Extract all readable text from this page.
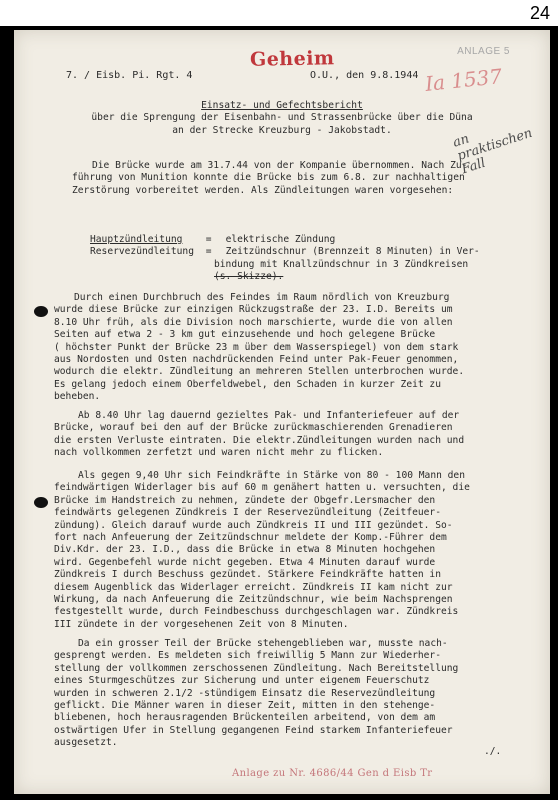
24
Geheim	ANLAGE 5
Ia 1537
an praktischen Fall
7. / Eisb. Pi. Rgt. 4	O.U., den 9.8.1944
Einsatz- und Gefechtsbericht
über die Sprengung der Eisenbahn- und Strassenbrücke über die Düna
an der Strecke Kreuzburg - Jakobstadt.
Die Brücke wurde am 31.7.44 von der Kompanie übernommen. Nach Zu-
führung von Munition konnte die Brücke bis zum 6.8. zur nachhaltigen
Zerstörung vorbereitet werden. Als Zündleitungen waren vorgesehen:
Hauptzündleitung = elektrische Zündung
Reservezündleitung = Zeitzündschnur (Brennzeit 8 Minuten) in Ver-
bindung mit Knallzündschnur in 3 Zündkreisen
(s. Skizze).
Durch einen Durchbruch des Feindes im Raum nördlich von Kreuzburg
wurde diese Brücke zur einzigen Rückzugstraße der 23. I.D. Bereits um
8.10 Uhr früh, als die Division noch marschierte, wurde die von allen
Seiten auf etwa 2 - 3 km gut einzusehende und hoch gelegene Brücke
( höchster Punkt der Brücke 23 m über dem Wasserspiegel) von dem stark
aus Nordosten und Osten nachdrückenden Feind unter Pak-Feuer genommen,
wodurch die elektr. Zündleitung an mehreren Stellen unterbrochen wurde.
Es gelang jedoch einem Oberfeldwebel, den Schaden in kurzer Zeit zu
beheben.
Ab 8.40 Uhr lag dauernd gezieltes Pak- und Infanteriefeuer auf der
Brücke, worauf bei den auf der Brücke zurückmaschierenden Grenadieren
die ersten Verluste eintraten. Die elektr.Zündleitungen wurden nach und
nach vollkommen zerfetzt und waren nicht mehr zu flicken.
Als gegen 9,40 Uhr sich Feindkräfte in Stärke von 80 - 100 Mann den
feindwärtigen Widerlager bis auf 60 m genähert hatten u. versuchten, die
Brücke im Handstreich zu nehmen, zündete der Obgefr.Lersmacher den
feindwärts gelegenen Zündkreis I der Reservezündleitung (Zeitfeuer-
zündung). Gleich darauf wurde auch Zündkreis II und III gezündet. So-
fort nach Anfeuerung der Zeitzündschnur meldete der Komp.-Führer dem
Div.Kdr. der 23. I.D., dass die Brücke in etwa 8 Minuten hochgehen
wird. Gegenbefehl wurde nicht gegeben. Etwa 4 Minuten darauf wurde
Zündkreis I durch Beschuss gezündet. Stärkere Feindkräfte hatten in
diesem Augenblick das Widerlager erreicht. Zündkreis II kam nicht zur
Wirkung, da nach Anfeuerung die Zeitzündschnur, wie beim Nachsprengen
festgestellt wurde, durch Feindbeschuss durchgeschlagen war. Zündkreis
III zündete in der vorgesehenen Zeit von 8 Minuten.
Da ein grosser Teil der Brücke stehengeblieben war, musste nach-
gesprengt werden. Es meldeten sich freiwillig 5 Mann zur Wiederher-
stellung der vollkommen zerschossenen Zündleitung. Nach Bereitstellung
eines Sturmgeschützes zur Sicherung und unter eigenem Feuerschutz
wurden in schweren 2.1/2 -stündigem Einsatz die Reservezündleitung
geflickt. Die Männer waren in dieser Zeit, mitten in den stehenge-
bliebenen, hoch herausragenden Brückenteilen arbeitend, von dem am
ostwärtigen Ufer in Stellung gegangenen Feind starkem Infanteriefeuer
ausgesetzt.
./.
Anlage zu Nr. 4686/44 Gen d Eisb Tr
